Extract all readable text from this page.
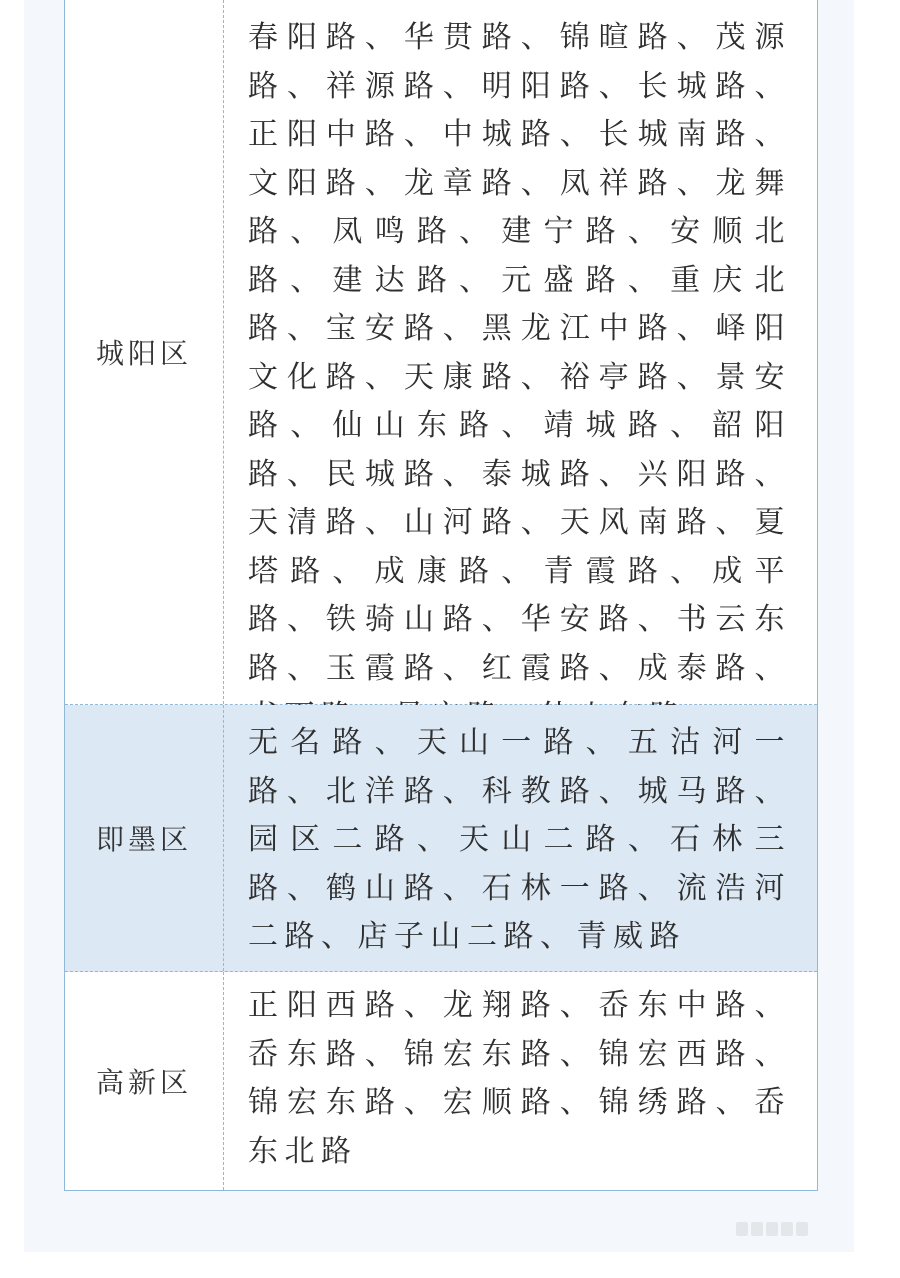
城阳区
春阳路、华贯路、锦暄路、茂源路、祥源路、明阳路、长城路、正阳中路、中城路、长城南路、文阳路、龙章路、凤祥路、龙舞路、凤鸣路、建宁路、安顺北路、建达路、元盛路、重庆北路、宝安路、黑龙江中路、峄阳文化路、天康路、裕亭路、景安路、仙山东路、靖城路、韶阳路、民城路、泰城路、兴阳路、天清路、山河路、天风南路、夏塔路、成康路、青霞路、成平路、铁骑山路、华安路、书云东路、玉霞路、红霞路、成泰路、
即墨区
无名路、天山一路、五沽河一路、北洋路、科教路、城马路、园区二路、天山二路、石林三路、鹤山路、石林一路、流浩河二路、店子山二路、青威路
高新区
正阳西路、龙翔路、岙东中路、岙东路、锦宏东路、锦宏西路、锦宏东路、宏顺路、锦绣路、岙东北路
